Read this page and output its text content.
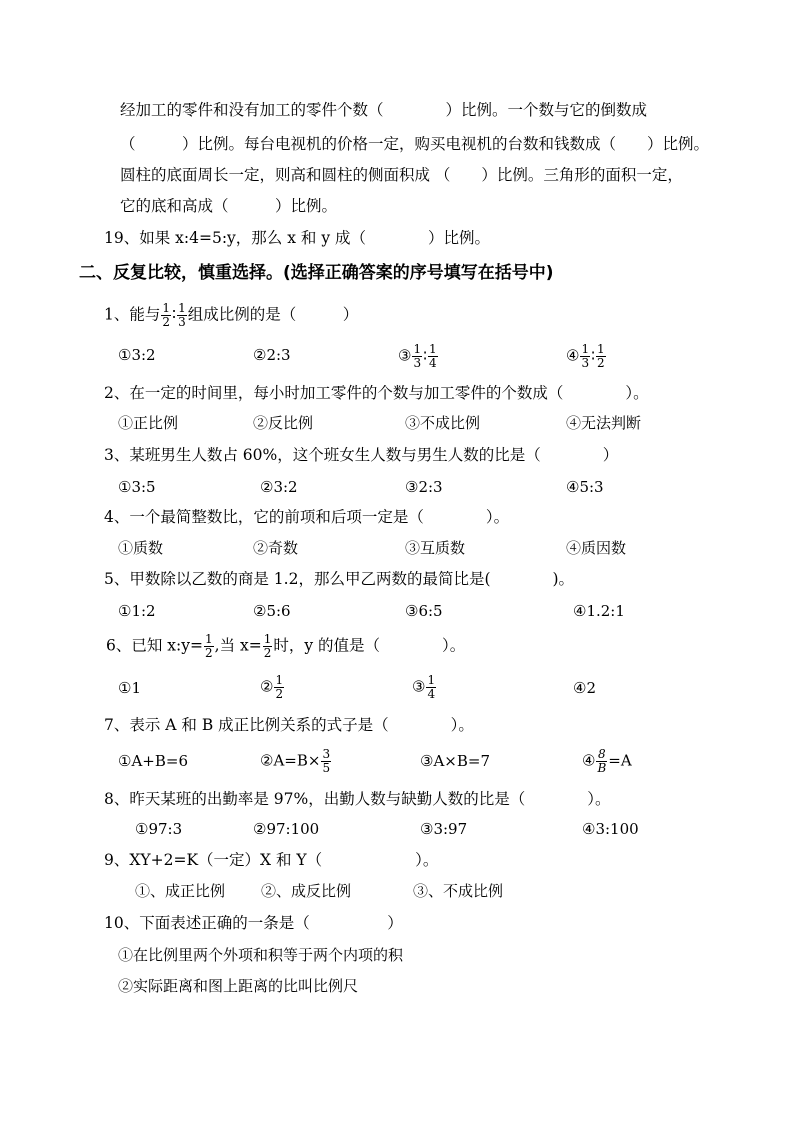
经加工的零件和没有加工的零件个数（　　　　）比例。一个数与它的倒数成
（　　　）比例。每台电视机的价格一定，购买电视机的台数和钱数成（　　）比例。
圆柱的底面周长一定，则高和圆柱的侧面积成 （　　）比例。三角形的面积一定，
它的底和高成（　　　）比例。
19、如果 x:4=5:y，那么 x 和 y 成（　　　　）比例。
二、反复比较，慎重选择。(选择正确答案的序号填写在括号中)
1、能与 $\frac{1}{2}$ ∶ $\frac{1}{3}$ 组成比例的是（　　　）
①3:2	②2:3	③ $\frac{1}{3}$ ∶ $\frac{1}{4}$	④ $\frac{1}{3}$ ∶ $\frac{1}{2}$
2、在一定的时间里，每小时加工零件的个数与加工零件的个数成（　　　　）。
①正比例	②反比例	③不成比例	④无法判断
3、某班男生人数占 60%，这个班女生人数与男生人数的比是（　　　　）
①3:5	②3:2	③2:3	④5:3
4、一个最简整数比，它的前项和后项一定是（　　　　）。
①质数	②奇数	③互质数	④质因数
5、甲数除以乙数的商是 1.2，那么甲乙两数的最简比是(　　　　)。
①1:2	②5:6	③6:5	④1.2:1
6、已知 x:y= $\frac{1}{2}$ ,当 $x= \frac{1}{2}$ 时，y 的值是（　　　　）。
①1	② $\frac{1}{2}$	③ $\frac{1}{4}$	④2
7、表示 A 和 B 成正比例关系的式子是（　　　　）。
①A+B=6	②A=B× $\frac{3}{5}$	③A×B=7	④ $\frac{8}{B} =A$
8、昨天某班的出勤率是 97%，出勤人数与缺勤人数的比是（　　　　）。
①97:3	②97:100	③3:97	④3:100
9、XY+2=K（一定）X 和 Y（　　　　　　）。
①、成正比例 ②、成反比例	③、不成比例
10、下面表述正确的一条是（　　　　　）
①在比例里两个外项和积等于两个内项的积
②实际距离和图上距离的比叫比例尺
